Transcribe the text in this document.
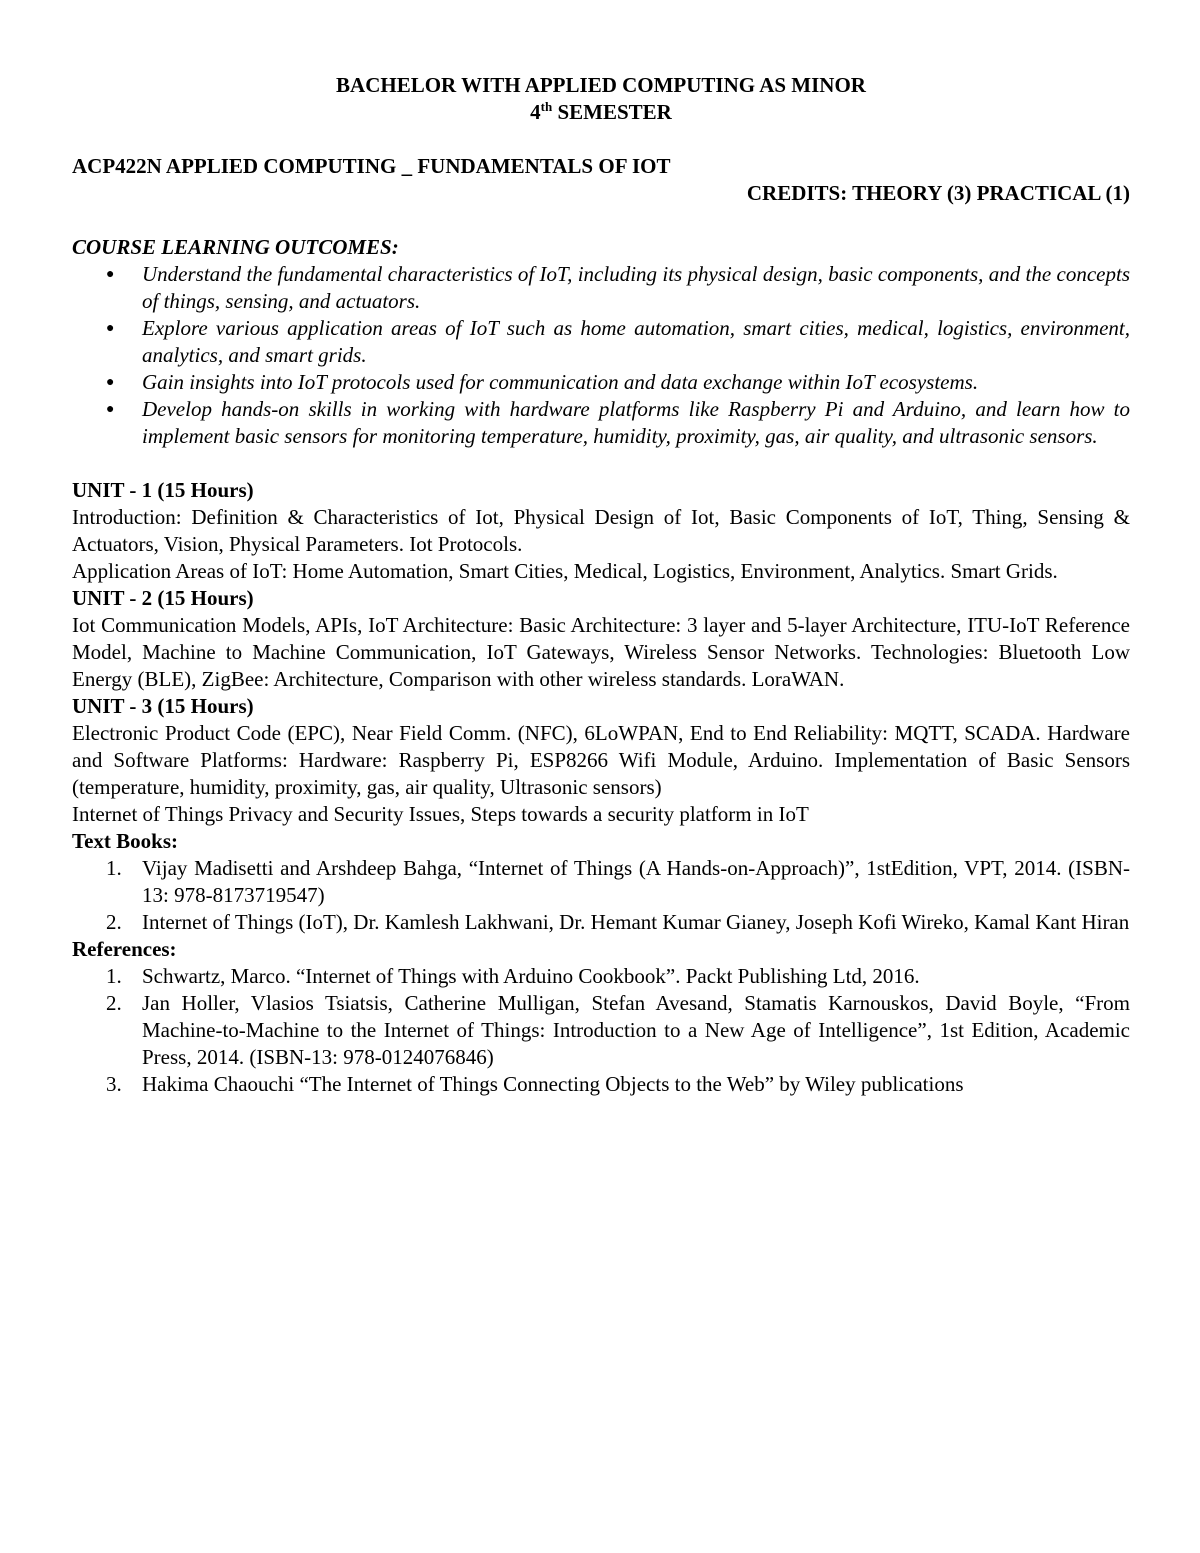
BACHELOR WITH APPLIED COMPUTING AS MINOR
4th SEMESTER
ACP422N APPLIED COMPUTING _ FUNDAMENTALS OF IOT
CREDITS: THEORY (3) PRACTICAL (1)
COURSE LEARNING OUTCOMES:
● Understand the fundamental characteristics of IoT, including its physical design, basic components, and the concepts of things, sensing, and actuators.
● Explore various application areas of IoT such as home automation, smart cities, medical, logistics, environment, analytics, and smart grids.
● Gain insights into IoT protocols used for communication and data exchange within IoT ecosystems.
● Develop hands-on skills in working with hardware platforms like Raspberry Pi and Arduino, and learn how to implement basic sensors for monitoring temperature, humidity, proximity, gas, air quality, and ultrasonic sensors.
UNIT - 1 (15 Hours)

Introduction: Definition & Characteristics of Iot, Physical Design of Iot, Basic Components of IoT, Thing, Sensing & Actuators, Vision, Physical Parameters. Iot Protocols.

Application Areas of IoT: Home Automation, Smart Cities, Medical, Logistics, Environment, Analytics. Smart Grids.

UNIT - 2 (15 Hours)

Iot Communication Models, APIs, IoT Architecture: Basic Architecture: 3 layer and 5-layer Architecture, ITU-IoT Reference Model, Machine to Machine Communication, IoT Gateways, Wireless Sensor Networks. Technologies: Bluetooth Low Energy (BLE), ZigBee: Architecture, Comparison with other wireless standards. LoraWAN.

UNIT - 3 (15 Hours)

Electronic Product Code (EPC), Near Field Comm. (NFC), 6LoWPAN, End to End Reliability: MQTT, SCADA. Hardware and Software Platforms: Hardware: Raspberry Pi, ESP8266 Wifi Module, Arduino. Implementation of Basic Sensors (temperature, humidity, proximity, gas, air quality, Ultrasonic sensors)

Internet of Things Privacy and Security Issues, Steps towards a security platform in IoT

Text Books:
1. Vijay Madisetti and Arshdeep Bahga, “Internet of Things (A Hands-on-Approach)”, 1stEdition, VPT, 2014. (ISBN-13: 978-8173719547)
2. Internet of Things (IoT), Dr. Kamlesh Lakhwani, Dr. Hemant Kumar Gianey, Joseph Kofi Wireko, Kamal Kant Hiran
References:
1. Schwartz, Marco. “Internet of Things with Arduino Cookbook”. Packt Publishing Ltd, 2016.
2. Jan Holler, Vlasios Tsiatsis, Catherine Mulligan, Stefan Avesand, Stamatis Karnouskos, David Boyle, “From Machine-to-Machine to the Internet of Things: Introduction to a New Age of Intelligence”, 1st Edition, Academic Press, 2014. (ISBN-13: 978-0124076846)
3. Hakima Chaouchi “The Internet of Things Connecting Objects to the Web” by Wiley publications
